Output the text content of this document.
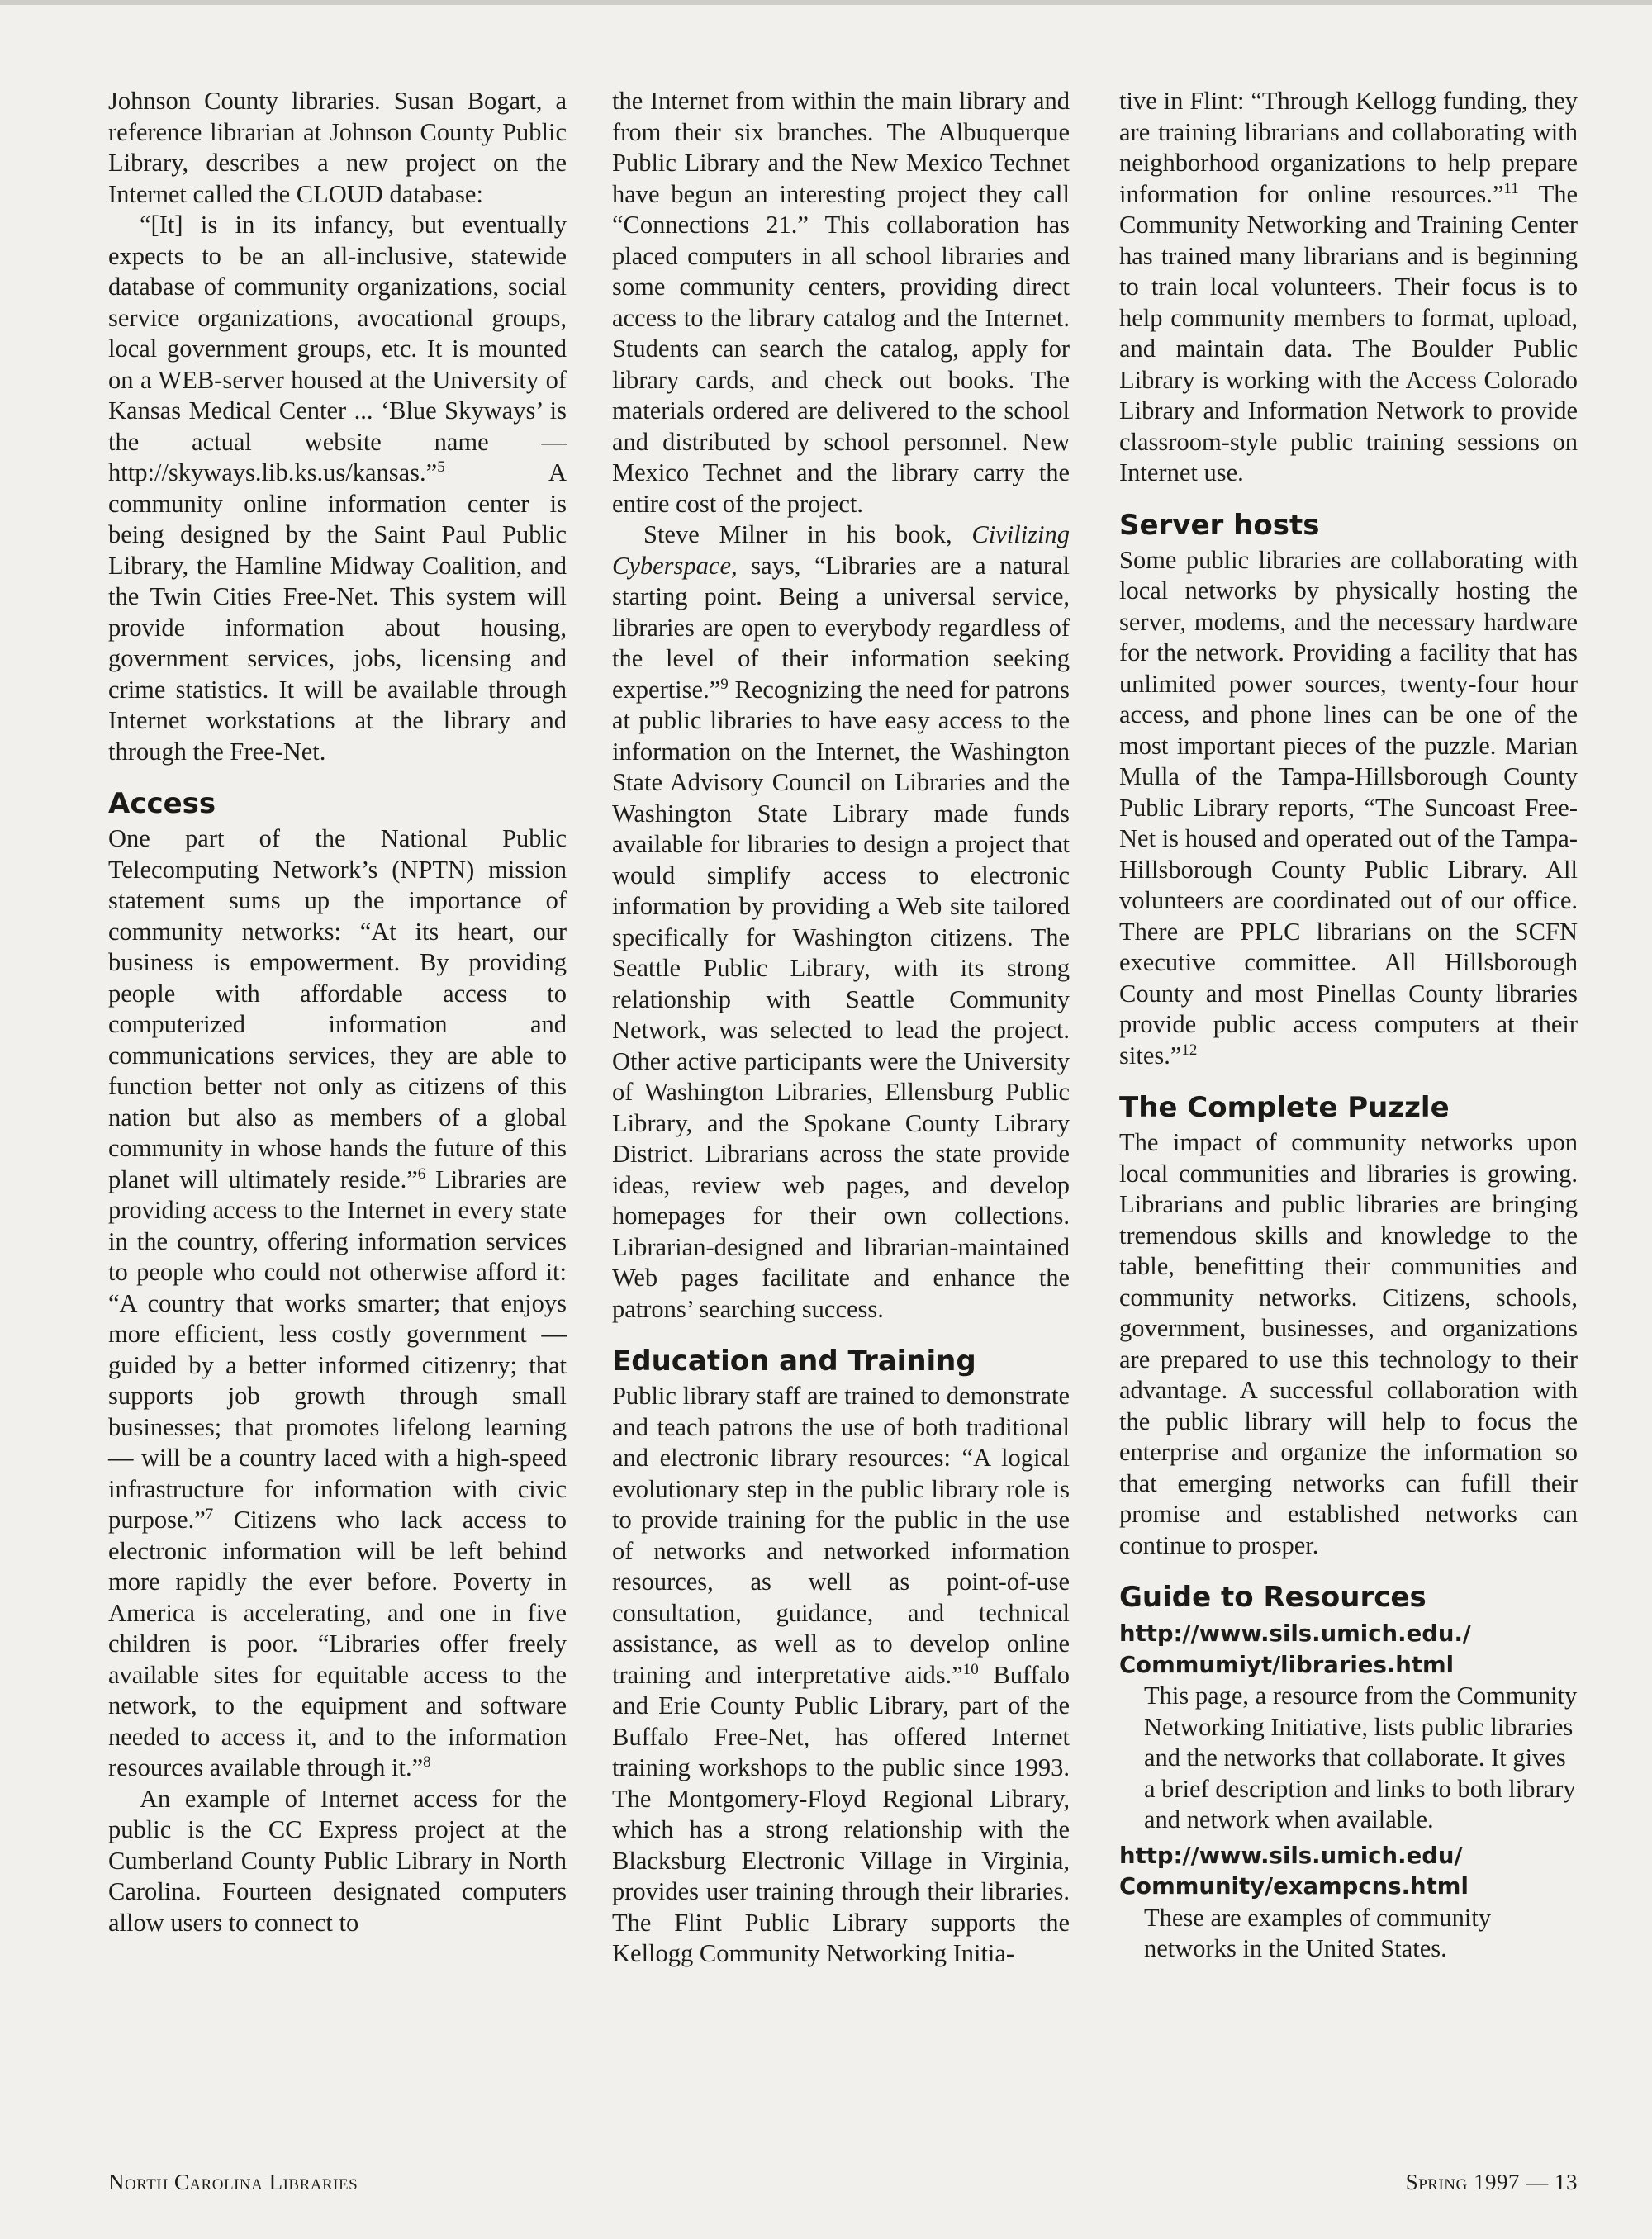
Johnson County libraries. Susan Bogart, a reference librarian at Johnson County Public Library, describes a new project on the Internet called the CLOUD database:

“[It] is in its infancy, but eventually expects to be an all-inclusive, statewide database of community organizations, social service organizations, avocational groups, local government groups, etc. It is mounted on a WEB-server housed at the University of Kansas Medical Center ... ‘Blue Skyways’ is the actual website name — http://skyways.lib.ks.us/kansas.”$^5$ A community online information center is being designed by the Saint Paul Public Library, the Hamline Midway Coalition, and the Twin Cities Free-Net. This system will provide information about housing, government services, jobs, licensing and crime statistics. It will be available through Internet workstations at the library and through the Free-Net.

Access

One part of the National Public Telecomputing Network’s (NPTN) mission statement sums up the importance of community networks: “At its heart, our business is empowerment. By providing people with affordable access to computerized information and communications services, they are able to function better not only as citizens of this nation but also as members of a global community in whose hands the future of this planet will ultimately reside.”$^6$ Libraries are providing access to the Internet in every state in the country, offering information services to people who could not otherwise afford it: “A country that works smarter; that enjoys more efficient, less costly government — guided by a better informed citizenry; that supports job growth through small businesses; that promotes lifelong learning — will be a country laced with a high-speed infrastructure for information with civic purpose.”$^7$ Citizens who lack access to electronic information will be left behind more rapidly the ever before. Poverty in America is accelerating, and one in five children is poor. “Libraries offer freely available sites for equitable access to the network, to the equipment and software needed to access it, and to the information resources available through it.”$^8$

An example of Internet access for the public is the CC Express project at the Cumberland County Public Library in North Carolina. Fourteen designated computers allow users to connect to

the Internet from within the main library and from their six branches. The Albuquerque Public Library and the New Mexico Technet have begun an interesting project they call “Connections 21.” This collaboration has placed computers in all school libraries and some community centers, providing direct access to the library catalog and the Internet. Students can search the catalog, apply for library cards, and check out books. The materials ordered are delivered to the school and distributed by school personnel. New Mexico Technet and the library carry the entire cost of the project.

Steve Milner in his book, Civilizing Cyberspace, says, “Libraries are a natural starting point. Being a universal service, libraries are open to everybody regardless of the level of their information seeking expertise.”$^9$ Recognizing the need for patrons at public libraries to have easy access to the information on the Internet, the Washington State Advisory Council on Libraries and the Washington State Library made funds available for libraries to design a project that would simplify access to electronic information by providing a Web site tailored specifically for Washington citizens. The Seattle Public Library, with its strong relationship with Seattle Community Network, was selected to lead the project. Other active participants were the University of Washington Libraries, Ellensburg Public Library, and the Spokane County Library District. Librarians across the state provide ideas, review web pages, and develop homepages for their own collections. Librarian-designed and librarian-maintained Web pages facilitate and enhance the patrons’ searching success.

Education and Training

Public library staff are trained to demonstrate and teach patrons the use of both traditional and electronic library resources: “A logical evolutionary step in the public library role is to provide training for the public in the use of networks and networked information resources, as well as point-of-use consultation, guidance, and technical assistance, as well as to develop online training and interpretative aids.”$^{10}$ Buffalo and Erie County Public Library, part of the Buffalo Free-Net, has offered Internet training workshops to the public since 1993. The Montgomery-Floyd Regional Library, which has a strong relationship with the Blacksburg Electronic Village in Virginia, provides user training through their libraries. The Flint Public Library supports the Kellogg Community Networking Initia-

tive in Flint: “Through Kellogg funding, they are training librarians and collaborating with neighborhood organizations to help prepare information for online resources.”$^{11}$ The Community Networking and Training Center has trained many librarians and is beginning to train local volunteers. Their focus is to help community members to format, upload, and maintain data. The Boulder Public Library is working with the Access Colorado Library and Information Network to provide classroom-style public training sessions on Internet use.

Server hosts

Some public libraries are collaborating with local networks by physically hosting the server, modems, and the necessary hardware for the network. Providing a facility that has unlimited power sources, twenty-four hour access, and phone lines can be one of the most important pieces of the puzzle. Marian Mulla of the Tampa-Hillsborough County Public Library reports, “The Suncoast Free-Net is housed and operated out of the Tampa-Hillsborough County Public Library. All volunteers are coordinated out of our office. There are PPLC librarians on the SCFN executive committee. All Hillsborough County and most Pinellas County libraries provide public access computers at their sites.”$^{12}$

The Complete Puzzle

The impact of community networks upon local communities and libraries is growing. Librarians and public libraries are bringing tremendous skills and knowledge to the table, benefitting their communities and community networks. Citizens, schools, government, businesses, and organizations are prepared to use this technology to their advantage. A successful collaboration with the public library will help to focus the enterprise and organize the information so that emerging networks can fufill their promise and established networks can continue to prosper.

Guide to Resources
http://www.sils.umich.edu./
Commumiyt/libraries.html

This page, a resource from the Community Networking Initiative, lists public libraries and the networks that collaborate. It gives a brief description and links to both library and network when available.

http://www.sils.umich.edu/
Community/exampcns.html

These are examples of community networks in the United States.

North Carolina Libraries	Spring 1997 — 13
